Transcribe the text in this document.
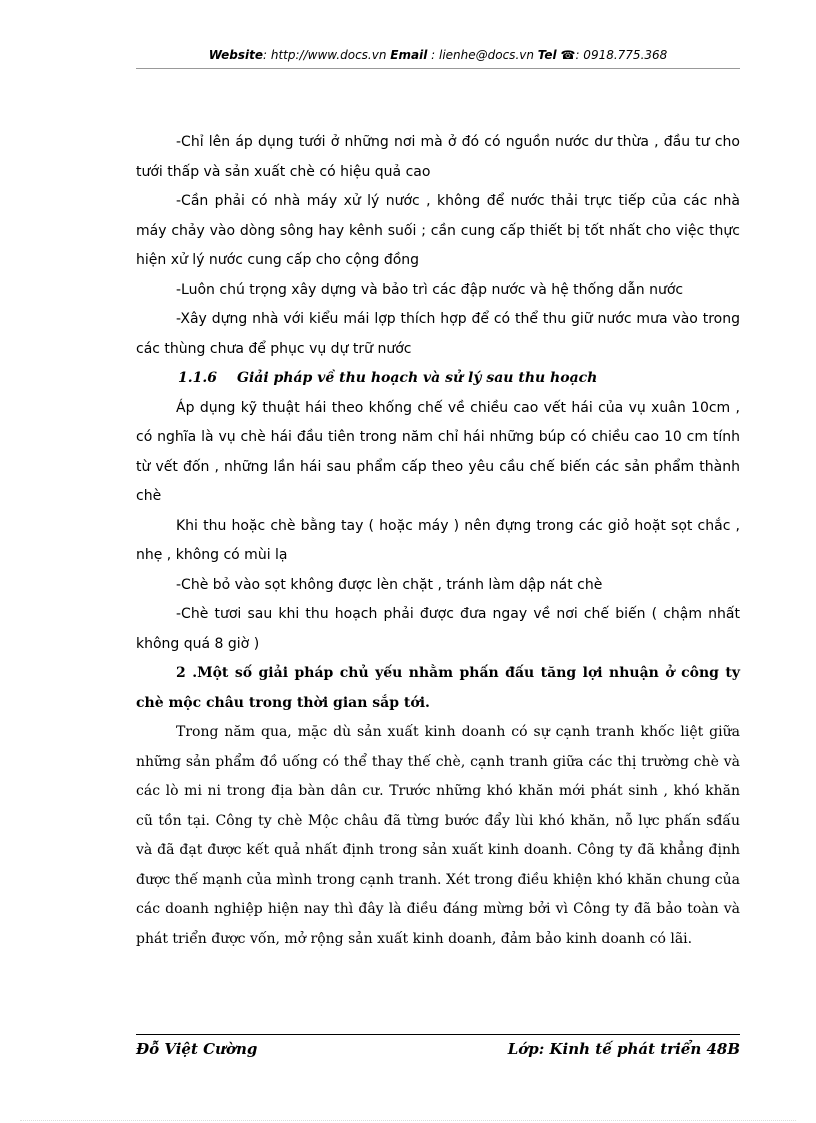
Website: http://www.docs.vn Email : lienhe@docs.vn Tel ☎: 0918.775.368

-Chỉ lên áp dụng tưới ở những nơi mà ở đó có nguồn nước dư thừa , đầu tư cho tưới thấp và sản xuất chè có hiệu quả cao

-Cần phải có nhà máy xử lý nước , không để nước thải trực tiếp của các nhà máy chảy vào dòng sông hay kênh suối ; cần cung cấp thiết bị tốt nhất cho việc thực hiện xử lý nước cung cấp cho cộng đồng

-Luôn chú trọng xây dựng và bảo trì các đập nước và hệ thống dẫn nước

-Xây dựng nhà với kiểu mái lợp thích hợp để có thể thu giữ nước mưa vào trong các thùng chưa để phục vụ dự trữ nước

1.1.6 Giải pháp về thu hoạch và sử lý sau thu hoạch

Áp dụng kỹ thuật hái theo khống chế về chiều cao vết hái của vụ xuân 10cm , có nghĩa là vụ chè hái đầu tiên trong năm chỉ hái những búp có chiều cao 10 cm tính từ vết đốn , những lần hái sau phẩm cấp theo yêu cầu chế biến các sản phẩm thành chè

Khi thu hoặc chè bằng tay ( hoặc máy ) nên đựng trong các giỏ hoặt sọt chắc , nhẹ , không có mùi lạ

-Chè bỏ vào sọt không được lèn chặt , tránh làm dập nát chè

-Chè tươi sau khi thu hoạch phải được đưa ngay về nơi chế biến ( chậm nhất không quá 8 giờ )

2 .Một số giải pháp chủ yếu nhằm phấn đấu tăng lợi nhuận ở công ty chè mộc châu trong thời gian sắp tới.

Trong năm qua, mặc dù sản xuất kinh doanh có sự cạnh tranh khốc liệt giữa những sản phẩm đồ uống có thể thay thế chè, cạnh tranh giữa các thị trường chè và các lò mi ni trong địa bàn dân cư. Trước những khó khăn mới phát sinh , khó khăn cũ tồn tại. Công ty chè Mộc châu đã từng bước đẩy lùi khó khăn, nỗ lực phấn sđấu và đã đạt được kết quả nhất định trong sản xuất kinh doanh. Công ty đã khẳng định được thế mạnh của mình trong cạnh tranh. Xét trong điều khiện khó khăn chung của các doanh nghiệp hiện nay thì đây là điều đáng mừng bởi vì Công ty đã bảo toàn và phát triển được vốn, mở rộng sản xuất kinh doanh, đảm bảo kinh doanh có lãi.

Đỗ Việt Cường	Lớp: Kinh tế phát triển 48B
